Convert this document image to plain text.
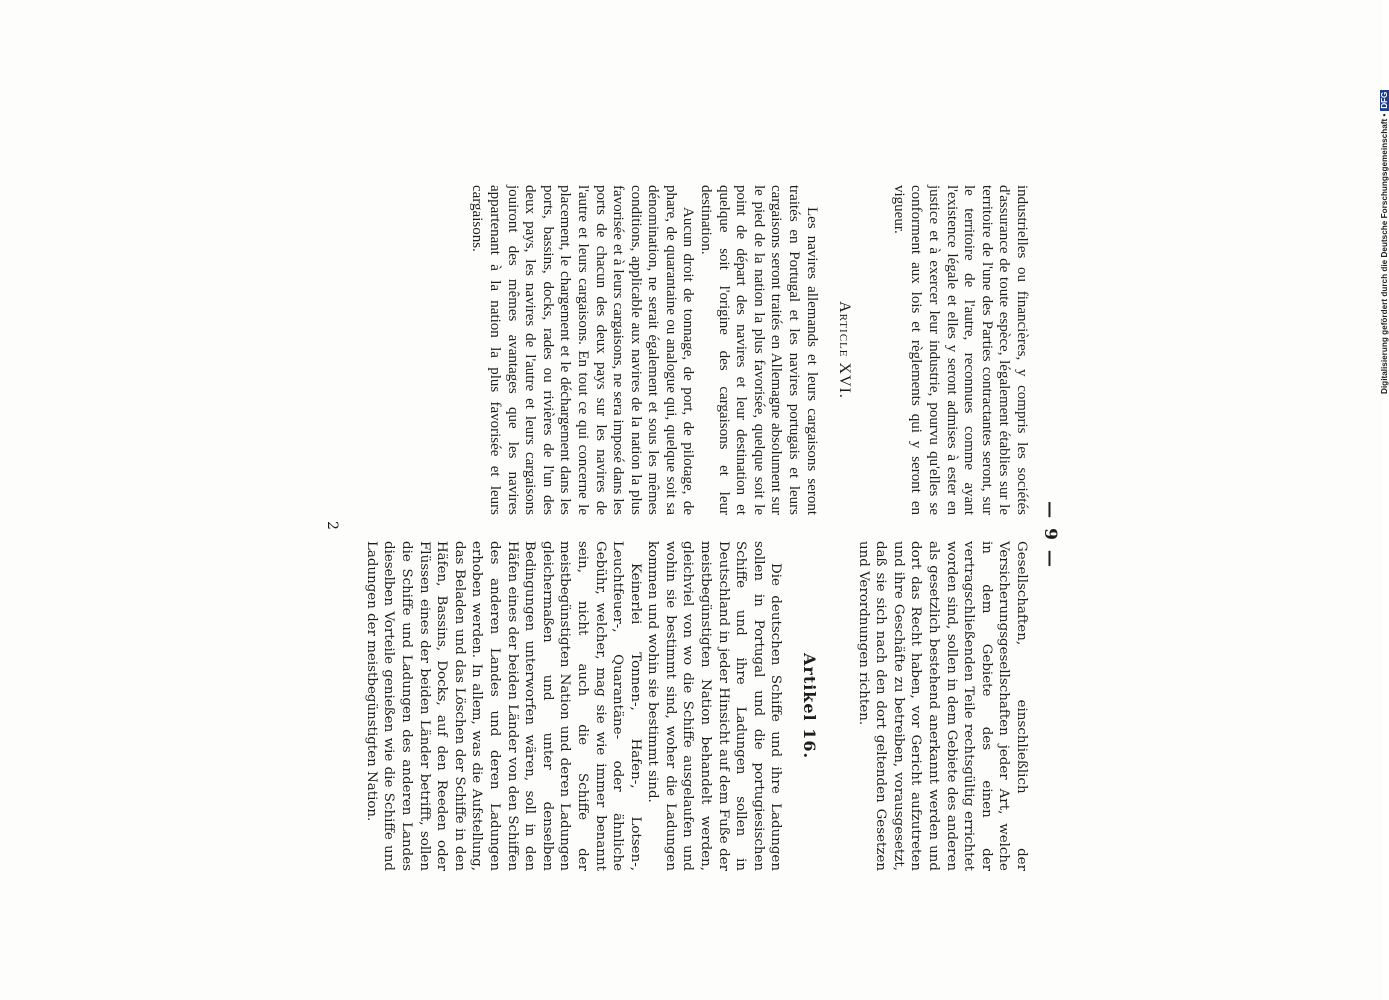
— 9 —

industrielles ou financières, y compris les sociétés d'assurance de toute espèce, légalement établies sur le territoire de l'une des Parties contractantes seront, sur le territoire de l'autre, reconnues comme ayant l'existence légale et elles y seront admises à ester en justice et à exercer leur industrie, pourvu qu'elles se conforment aux lois et règlements qui y seront en vigueur.

Article XVI.

Les navires allemands et leurs cargaisons seront traités en Portugal et les navires portugais et leurs cargaisons seront traités en Allemagne absolument sur le pied de la nation la plus favorisée, quelque soit le point de départ des navires et leur destination et quelque soit l'origine des cargaisons et leur destination.

Aucun droit de tonnage, de port, de pilotage, de phare, de quarantaine ou analogue qui, quelque soit sa dénomination, ne serait également et sous les mêmes conditions, applicable aux navires de la nation la plus favorisée et à leurs cargaisons, ne sera imposé dans les ports de chacun des deux pays sur les navires de l'autre et leurs cargaisons. En tout ce qui concerne le placement, le chargement et le déchargement dans les ports, bassins, docks, rades ou rivières de l'un des deux pays, les navires de l'autre et leurs cargaisons jouiront des mêmes avantages que les navires appartenant à la nation la plus favorisée et leurs cargaisons.

Gesellschaften, einschließlich der Versicherungsgesellschaften jeder Art, welche in dem Gebiete des einen der vertragschließenden Teile rechtsgültig errichtet worden sind, sollen in dem Gebiete des anderen als gesetzlich bestehend anerkannt werden und dort das Recht haben, vor Gericht aufzutreten und ihre Geschäfte zu betreiben, vorausgesetzt, daß sie sich nach den dort geltenden Gesetzen und Verordnungen richten.

Artikel 16.

Die deutschen Schiffe und ihre Ladungen sollen in Portugal und die portugiesischen Schiffe und ihre Ladungen sollen in Deutschland in jeder Hinsicht auf dem Fuße der meistbegünstigten Nation behandelt werden, gleichviel von wo die Schiffe ausgelaufen und wohin sie bestimmt sind, woher die Ladungen kommen und wohin sie bestimmt sind.

Keinerlei Tonnen-, Hafen-, Lotsen-, Leuchtfeuer-, Quarantäne- oder ähnliche Gebühr, welcher, mag sie wie immer benannt sein, nicht auch die Schiffe der meistbegünstigten Nation und deren Ladungen gleichermaßen und unter denselben Bedingungen unterworfen wären, soll in den Häfen eines der beiden Länder von den Schiffen des anderen Landes und deren Ladungen erhoben werden. In allem, was die Aufstellung, das Beladen und das Löschen der Schiffe in den Häfen, Bassins, Docks, auf den Reeden oder Flüssen eines der beiden Länder betrifft, sollen die Schiffe und Ladungen des anderen Landes dieselben Vorteile genießen wie die Schiffe und Ladungen der meistbegünstigten Nation.

2
Digitalisierung gefördert durch die Deutsche Forschungsgemeinschaft •DFG
